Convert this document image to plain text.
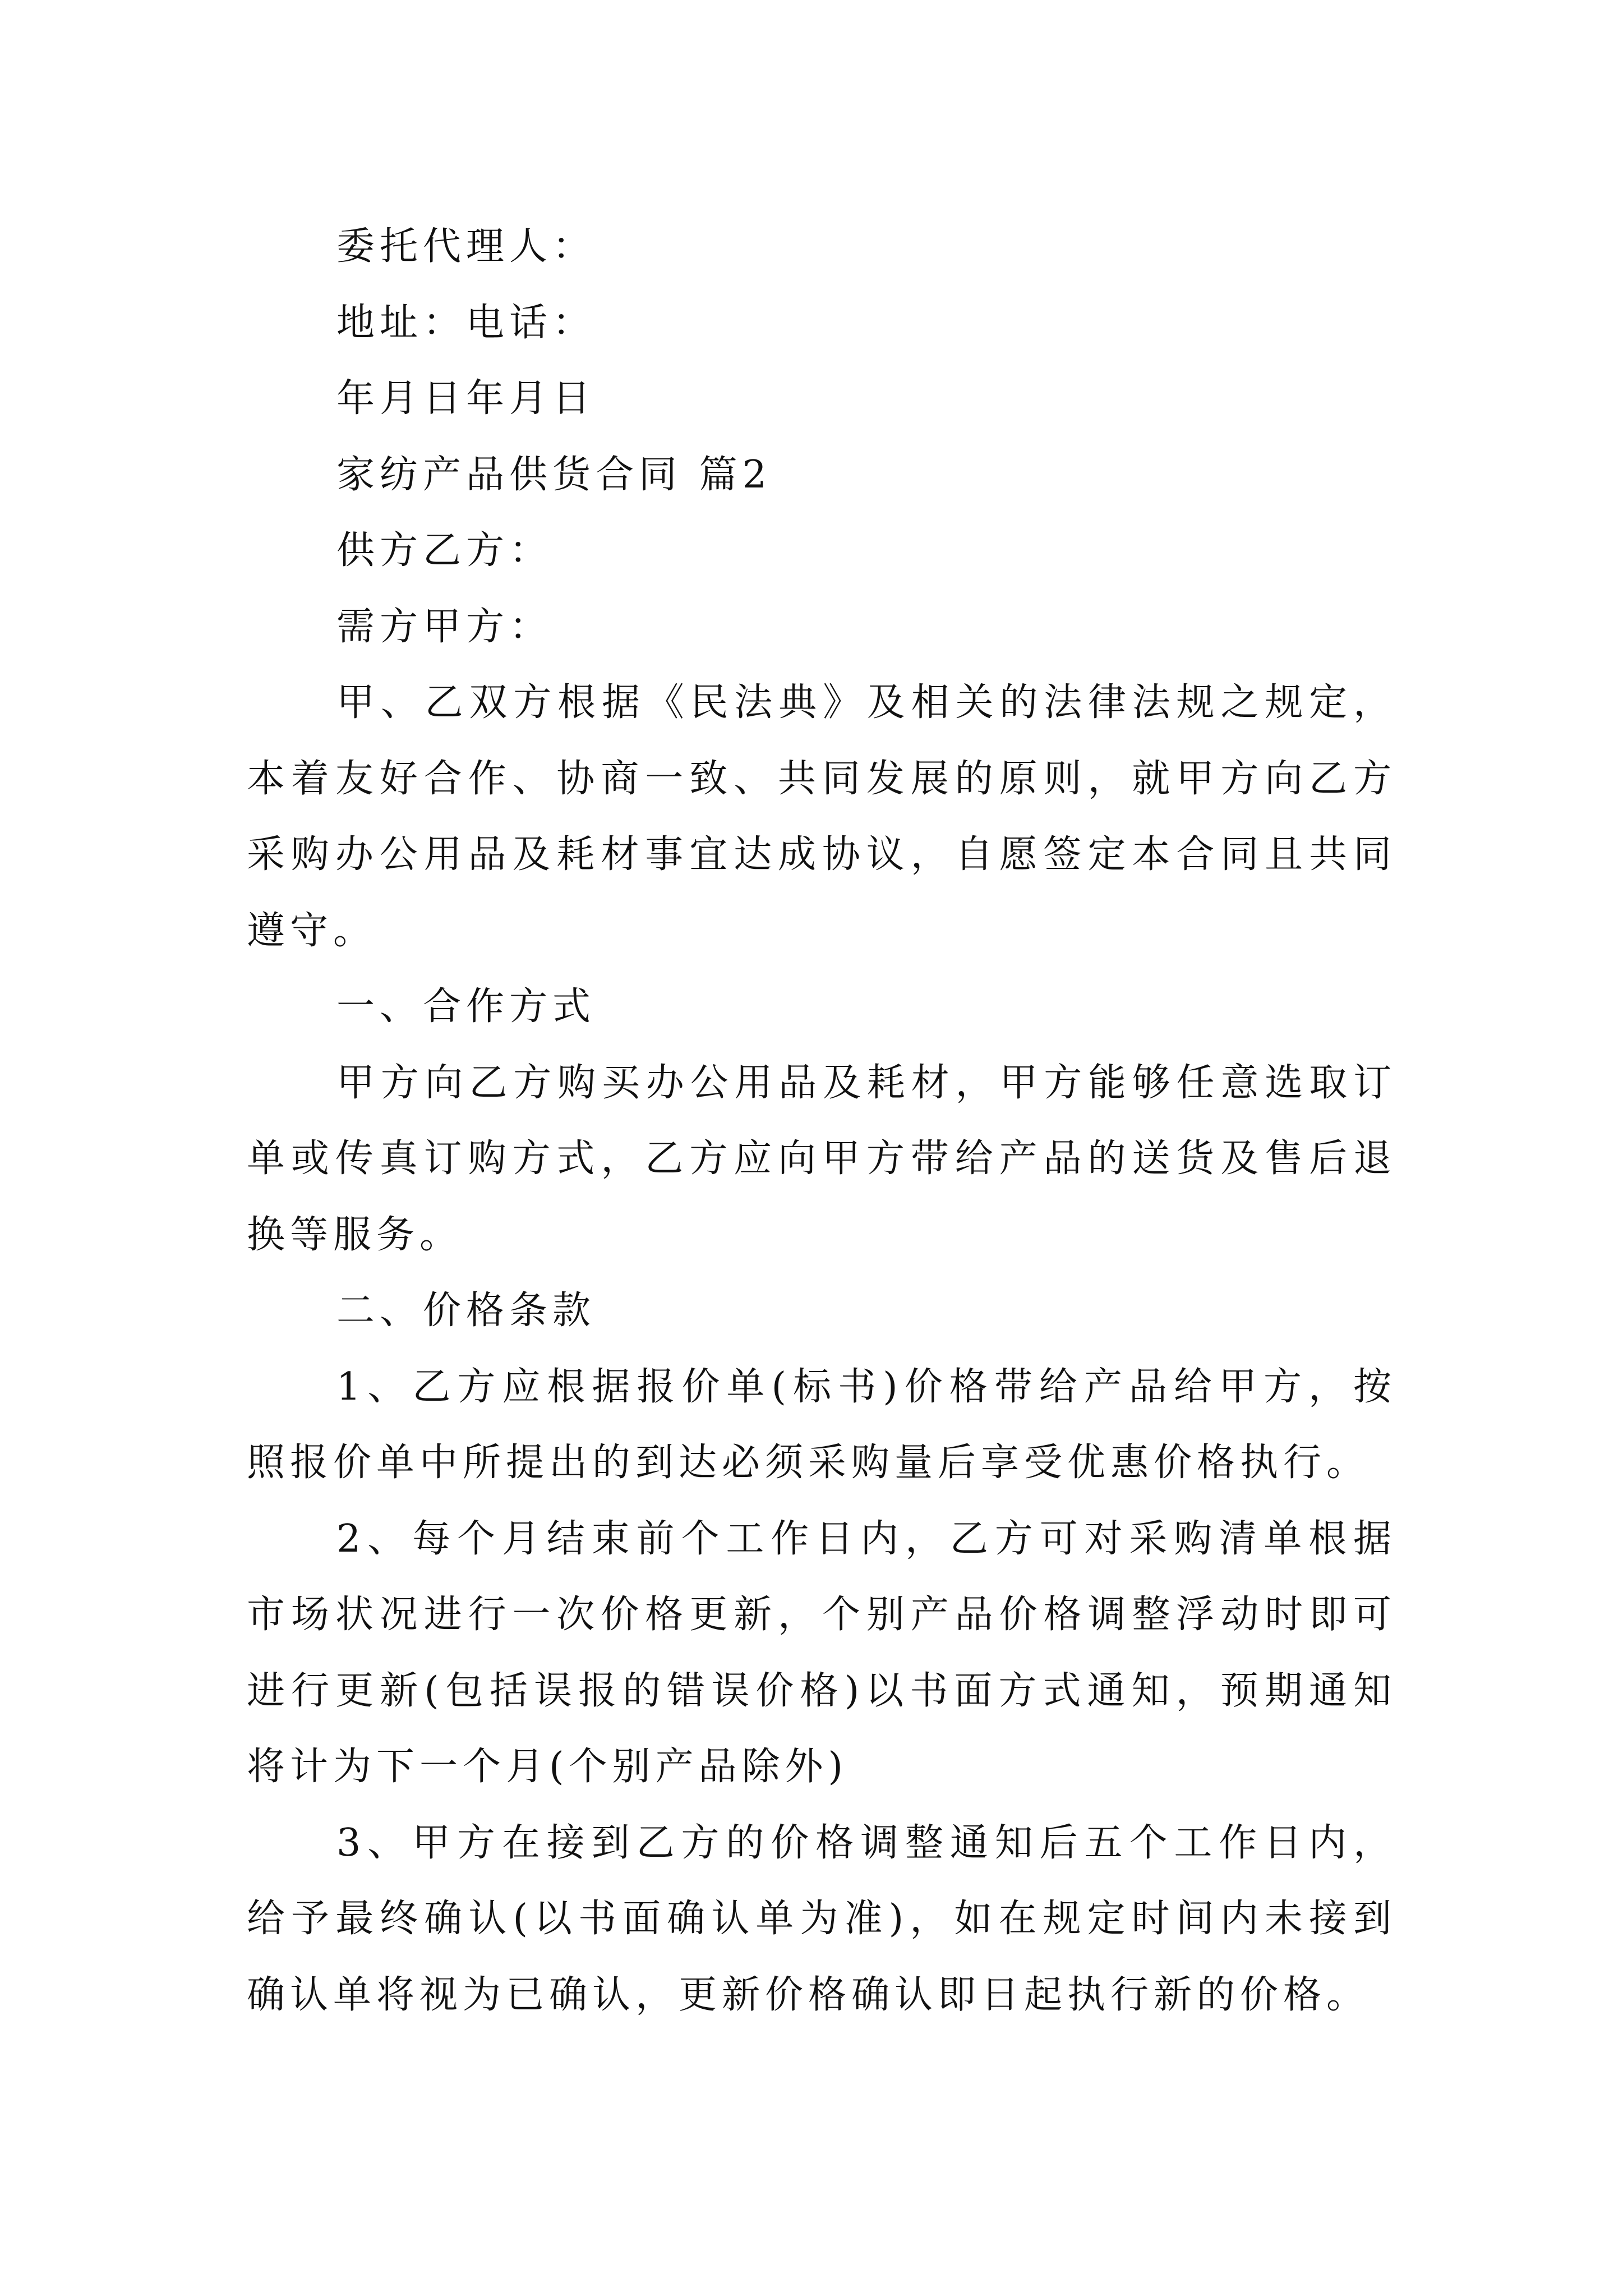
委托代理人：
地址：电话：
年月日年月日
家纺产品供货合同 篇2
供方乙方：
需方甲方：

甲、乙双方根据《民法典》及相关的法律法规之规定，本着友好合作、协商一致、共同发展的原则，就甲方向乙方采购办公用品及耗材事宜达成协议，自愿签定本合同且共同遵守。

一、合作方式

甲方向乙方购买办公用品及耗材，甲方能够任意选取订单或传真订购方式，乙方应向甲方带给产品的送货及售后退换等服务。

二、价格条款

1、乙方应根据报价单(标书)价格带给产品给甲方，按照报价单中所提出的到达必须采购量后享受优惠价格执行。

2、每个月结束前个工作日内，乙方可对采购清单根据市场状况进行一次价格更新，个别产品价格调整浮动时即可进行更新(包括误报的错误价格)以书面方式通知，预期通知将计为下一个月(个别产品除外)

3、甲方在接到乙方的价格调整通知后五个工作日内，给予最终确认(以书面确认单为准)，如在规定时间内未接到确认单将视为已确认，更新价格确认即日起执行新的价格。
